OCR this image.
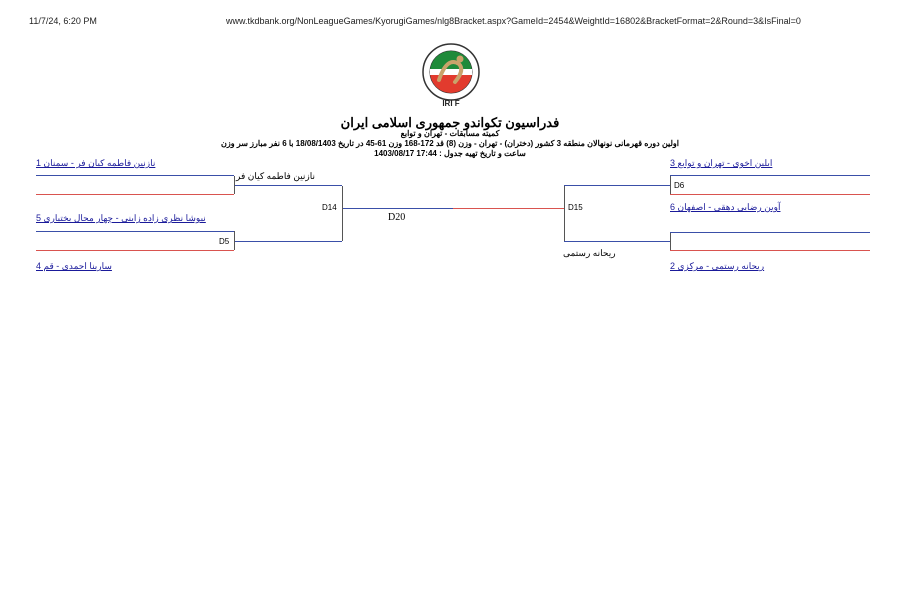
11/7/24, 6:20 PM	www.tkdbank.org/NonLeagueGames/KyorugiGames/nlg8Bracket.aspx?GameId=2454&WeightId=16802&BracketFormat=2&Round=3&IsFinal=0
IRI F
فدراسیون تکواندو جمهوری اسلامی ایران
کمیته مسابقات - تهران و توابع
اولین دوره قهرمانی نونهالان منطقه 3 کشور (دختران) - تهران - وزن (8) قد 172-168 وزن 61-45 در تاریخ 18/08/1403 با 6 نفر مبارز سر وزن
ساعت و تاریخ تهیه جدول : 17:44 1403/08/17
نازنین فاطمه کیان فر - سمنان 1
نازنین فاطمه کیان فر
نیوشا نظری زاده زاینی - چهار محال بختیاری 5
D5
سارینا احمدی - قم 4
D14
D20
3 ایلین اخوی - تهران و توابع
D6
6 آوین رضایی دهقی - اصفهان
ریحانه رستمی
2 ریحانه رستمی - مرکزی
D15
